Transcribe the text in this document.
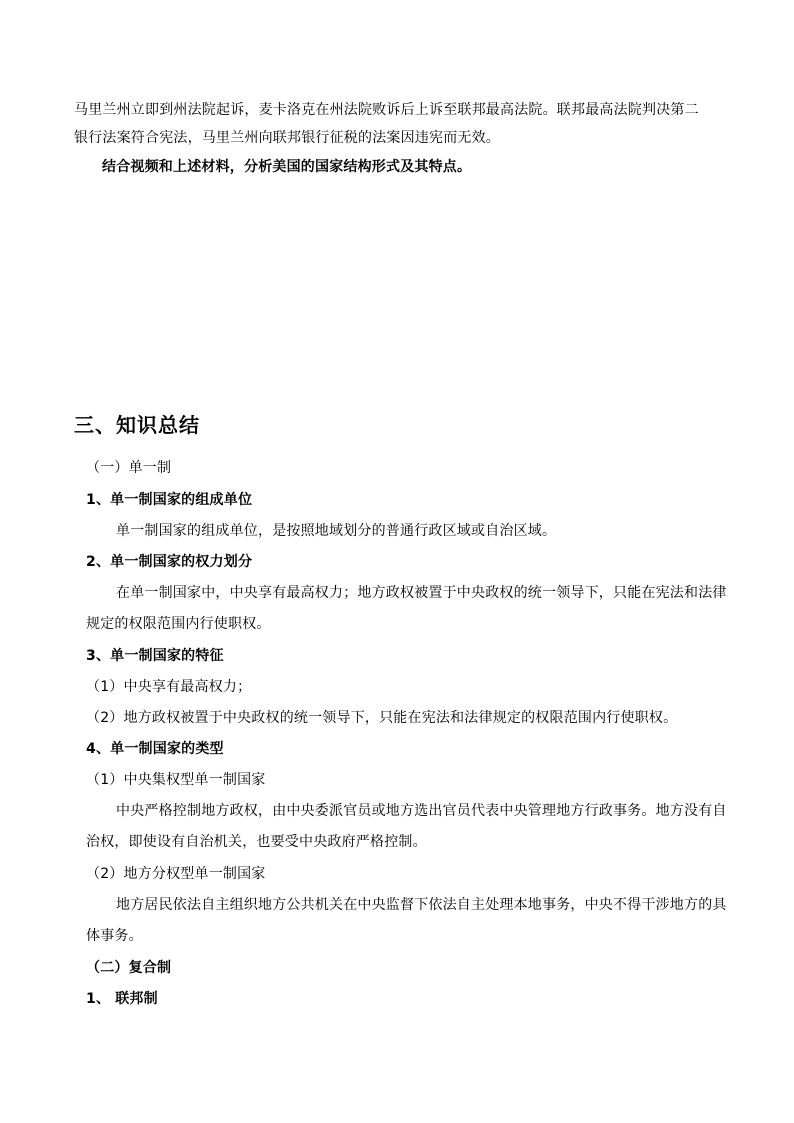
马里兰州立即到州法院起诉，麦卡洛克在州法院败诉后上诉至联邦最高法院。联邦最高法院判决第二
银行法案符合宪法，马里兰州向联邦银行征税的法案因违宪而无效。
结合视频和上述材料，分析美国的国家结构形式及其特点。
三、知识总结
（一）单一制
1、单一制国家的组成单位
单一制国家的组成单位，是按照地域划分的普通行政区域或自治区域。
2、单一制国家的权力划分
在单一制国家中，中央享有最高权力；地方政权被置于中央政权的统一领导下，只能在宪法和法律
规定的权限范围内行使职权。
3、单一制国家的特征
（1）中央享有最高权力；
（2）地方政权被置于中央政权的统一领导下，只能在宪法和法律规定的权限范围内行使职权。
4、单一制国家的类型
（1）中央集权型单一制国家
中央严格控制地方政权，由中央委派官员或地方选出官员代表中央管理地方行政事务。地方没有自
治权，即使设有自治机关，也要受中央政府严格控制。
（2）地方分权型单一制国家
地方居民依法自主组织地方公共机关在中央监督下依法自主处理本地事务，中央不得干涉地方的具
体事务。
（二）复合制
1、 联邦制
